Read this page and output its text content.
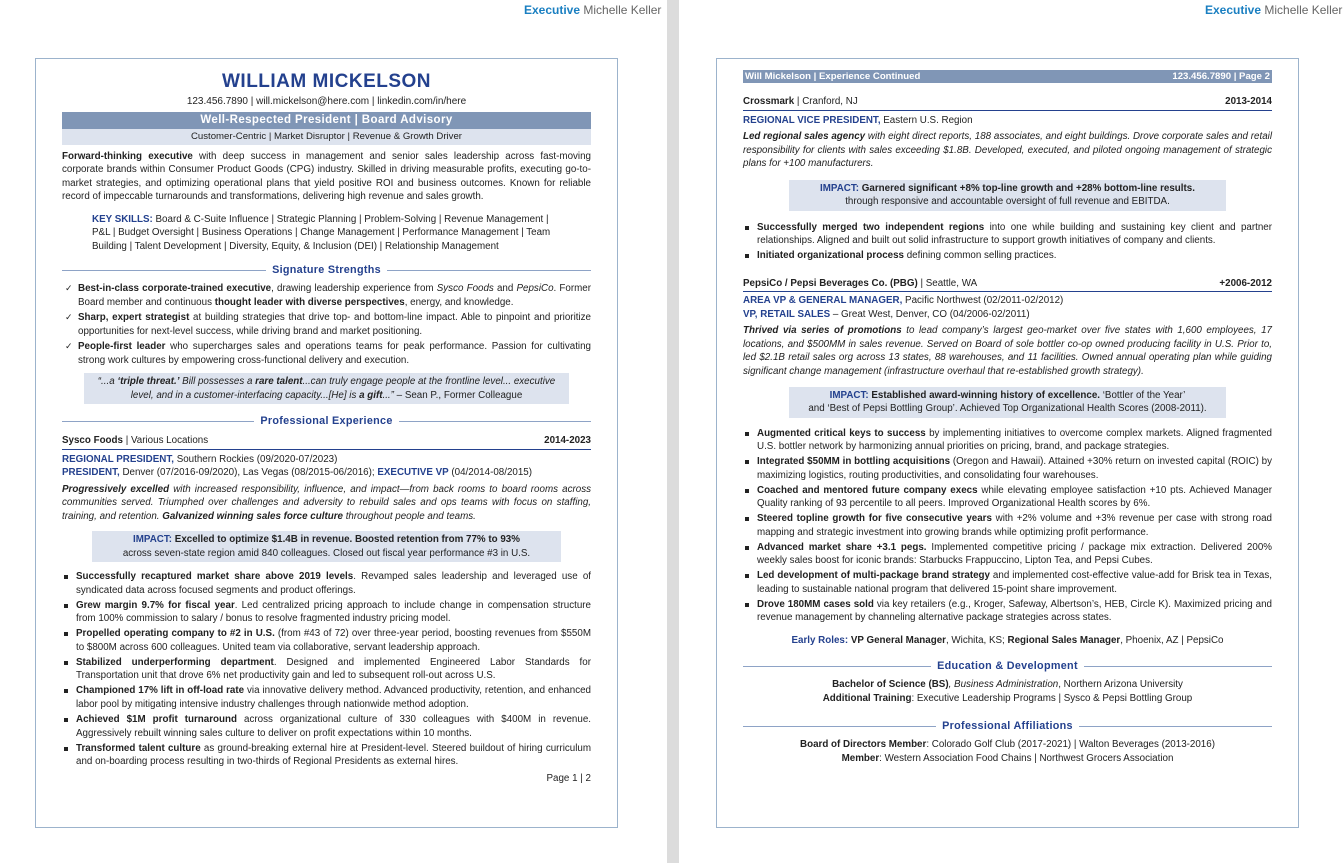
Executive Michelle Keller	Executive Michelle Keller
WILLIAM MICKELSON
123.456.7890 | will.mickelson@here.com | linkedin.com/in/here
Well-Respected President | Board Advisory
Customer-Centric | Market Disruptor | Revenue & Growth Driver
Forward-thinking executive with deep success in management and senior sales leadership across fast-moving corporate brands within Consumer Product Goods (CPG) industry. Skilled in driving measurable profits, executing go-to-market strategies, and optimizing operational plans that yield positive ROI and business outcomes. Known for reliable record of impeccable turnarounds and transformations, delivering high revenue and sales growth.
KEY SKILLS: Board & C-Suite Influence | Strategic Planning | Problem-Solving | Revenue Management | P&L | Budget Oversight | Business Operations | Change Management | Performance Management | Team Building | Talent Development | Diversity, Equity, & Inclusion (DEI) | Relationship Management
Signature Strengths
✓ Best-in-class corporate-trained executive, drawing leadership experience from Sysco Foods and PepsiCo. Former Board member and continuous thought leader with diverse perspectives, energy, and knowledge.
✓ Sharp, expert strategist at building strategies that drive top- and bottom-line impact. Able to pinpoint and prioritize opportunities for next-level success, while driving brand and market positioning.
✓ People-first leader who supercharges sales and operations teams for peak performance. Passion for cultivating strong work cultures by empowering cross-functional delivery and execution.
“...a ‘triple threat.’ Bill possesses a rare talent...can truly engage people at the frontline level... executive level, and in a customer-interfacing capacity...[He] is a gift...” – Sean P., Former Colleague
Professional Experience
Sysco Foods | Various Locations	2014-2023
REGIONAL PRESIDENT, Southern Rockies (09/2020-07/2023)
PRESIDENT, Denver (07/2016-09/2020), Las Vegas (08/2015-06/2016); EXECUTIVE VP (04/2014-08/2015)
Progressively excelled with increased responsibility, influence, and impact—from back rooms to board rooms across communities served. Triumphed over challenges and adversity to rebuild sales and ops teams with focus on staffing, training, and retention. Galvanized winning sales force culture throughout people and teams.
IMPACT: Excelled to optimize $1.4B in revenue. Boosted retention from 77% to 93%
across seven-state region amid 840 colleagues. Closed out fiscal year performance #3 in U.S.
Successfully recaptured market share above 2019 levels. Revamped sales leadership and leveraged use of syndicated data across focused segments and product offerings.
Grew margin 9.7% for fiscal year. Led centralized pricing approach to include change in compensation structure from 100% commission to salary / bonus to resolve fragmented industry pricing model.
Propelled operating company to #2 in U.S. (from #43 of 72) over three-year period, boosting revenues from $550M to $800M across 600 colleagues. United team via collaborative, servant leadership approach.
Stabilized underperforming department. Designed and implemented Engineered Labor Standards for Transportation unit that drove 6% net productivity gain and led to subsequent roll-out across U.S.
Championed 17% lift in off-load rate via innovative delivery method. Advanced productivity, retention, and enhanced labor pool by mitigating intensive industry challenges through nationwide method adoption.
Achieved $1M profit turnaround across organizational culture of 330 colleagues with $400M in revenue. Aggressively rebuilt winning sales culture to deliver on profit expectations within 10 months.
Transformed talent culture as ground-breaking external hire at President-level. Steered buildout of hiring curriculum and on-boarding process resulting in two-thirds of Regional Presidents as external hires.
Page 1 | 2
Will Mickelson | Experience Continued	123.456.7890 | Page 2
Crossmark | Cranford, NJ	2013-2014
REGIONAL VICE PRESIDENT, Eastern U.S. Region
Led regional sales agency with eight direct reports, 188 associates, and eight buildings. Drove corporate sales and retail responsibility for clients with sales exceeding $1.8B. Developed, executed, and piloted ongoing management of strategic plans for +100 manufacturers.
IMPACT: Garnered significant +8% top-line growth and +28% bottom-line results.
through responsive and accountable oversight of full revenue and EBITDA.
Successfully merged two independent regions into one while building and sustaining key client and partner relationships. Aligned and built out solid infrastructure to support growth initiatives of company and clients.
Initiated organizational process defining common selling practices.
PepsiCo / Pepsi Beverages Co. (PBG) | Seattle, WA	+2006-2012
AREA VP & GENERAL MANAGER, Pacific Northwest (02/2011-02/2012)
VP, RETAIL SALES – Great West, Denver, CO (04/2006-02/2011)
Thrived via series of promotions to lead company’s largest geo-market over five states with 1,600 employees, 17 locations, and $500MM in sales revenue. Served on Board of sole bottler co-op owned producing facility in U.S. Prior to, led $2.1B retail sales org across 13 states, 88 warehouses, and 11 facilities. Owned annual operating plan while guiding significant change management (infrastructure overhaul that re-established growth strategy).
IMPACT: Established award-winning history of excellence. ‘Bottler of the Year’
and ‘Best of Pepsi Bottling Group’. Achieved Top Organizational Health Scores (2008-2011).
Augmented critical keys to success by implementing initiatives to overcome complex markets. Aligned fragmented U.S. bottler network by harmonizing annual priorities on pricing, brand, and package strategies.
Integrated $50MM in bottling acquisitions (Oregon and Hawaii). Attained +30% return on invested capital (ROIC) by maximizing logistics, routing productivities, and consolidating four warehouses.
Coached and mentored future company execs while elevating employee satisfaction +10 pts. Achieved Manager Quality ranking of 93 percentile to all peers. Improved Organizational Health scores by 6%.
Steered topline growth for five consecutive years with +2% volume and +3% revenue per case with strong road mapping and strategic investment into growing brands while optimizing profit performance.
Advanced market share +3.1 pegs. Implemented competitive pricing / package mix extraction. Delivered 200% weekly sales boost for iconic brands: Starbucks Frappuccino, Lipton Tea, and Pepsi Cubes.
Led development of multi-package brand strategy and implemented cost-effective value-add for Brisk tea in Texas, leading to sustainable national program that delivered 15-point share improvement.
Drove 180MM cases sold via key retailers (e.g., Kroger, Safeway, Albertson’s, HEB, Circle K). Maximized pricing and revenue management by channeling alternative package strategies across states.
Early Roles: VP General Manager, Wichita, KS; Regional Sales Manager, Phoenix, AZ | PepsiCo
Education & Development
Bachelor of Science (BS), Business Administration, Northern Arizona University
Additional Training: Executive Leadership Programs | Sysco & Pepsi Bottling Group
Professional Affiliations
Board of Directors Member: Colorado Golf Club (2017-2021) | Walton Beverages (2013-2016)
Member: Western Association Food Chains | Northwest Grocers Association
